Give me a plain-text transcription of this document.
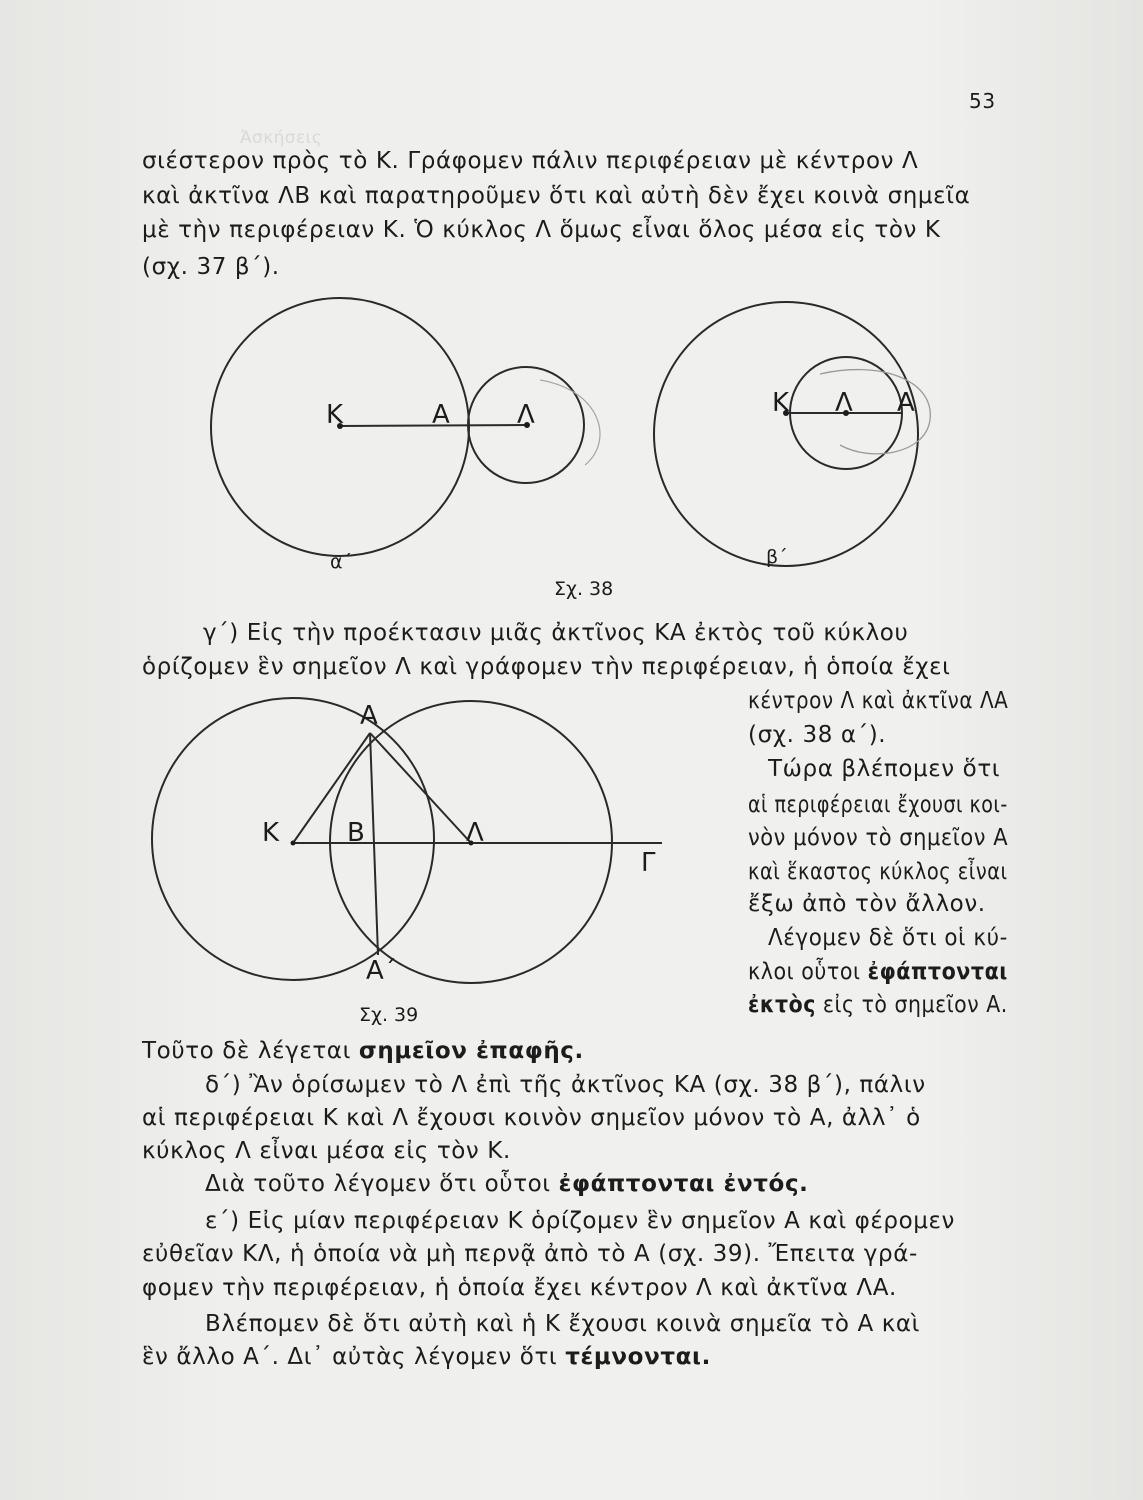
Ἀσκήσεις
53
σιέστερον πρὸς τὸ Κ. Γράφομεν πάλιν περιφέρειαν μὲ κέντρον Λ
καὶ ἀκτῖνα ΛΒ καὶ παρατηροῦμεν ὅτι καὶ αὐτὴ δὲν ἔχει κοινὰ σημεῖα
μὲ τὴν περιφέρειαν Κ. Ὁ κύκλος Λ ὅμως εἶναι ὅλος μέσα εἰς τὸν Κ
(σχ. 37 β΄).
Κ	Α	Λ
α΄
Κ Λ Α
β΄
Σχ. 38
γ΄) Εἰς τὴν προέκτασιν μιᾶς ἀκτῖνος ΚΑ ἐκτὸς τοῦ κύκλου
ὁρίζομεν ἓν σημεῖον Λ καὶ γράφομεν τὴν περιφέρειαν, ἡ ὁποία ἔχει
κέντρον Λ καὶ ἀκτῖνα ΛΑ
(σχ. 38 α΄).
Τώρα βλέπομεν ὅτι
αἱ περιφέρειαι ἔχουσι κοι-
νὸν μόνον τὸ σημεῖον Α
καὶ ἕκαστος κύκλος εἶναι
ἔξω ἀπὸ τὸν ἄλλον.
Λέγομεν δὲ ὅτι οἱ κύ-
κλοι οὗτοι ἐφάπτονται
ἐκτὸς εἰς τὸ σημεῖον Α.
Α
Κ	Β	Λ
Γ
Α΄
Σχ. 39
Τοῦτο δὲ λέγεται σημεῖον ἐπαφῆς.
δ΄) Ἂν ὁρίσωμεν τὸ Λ ἐπὶ τῆς ἀκτῖνος ΚΑ (σχ. 38 β΄), πάλιν
αἱ περιφέρειαι Κ καὶ Λ ἔχουσι κοινὸν σημεῖον μόνον τὸ Α, ἀλλ᾽ ὁ
κύκλος Λ εἶναι μέσα εἰς τὸν Κ.
Διὰ τοῦτο λέγομεν ὅτι οὗτοι ἐφάπτονται ἐντός.
ε΄) Εἰς μίαν περιφέρειαν Κ ὁρίζομεν ἓν σημεῖον Α καὶ φέρομεν
εὐθεῖαν ΚΛ, ἡ ὁποία νὰ μὴ περνᾷ ἀπὸ τὸ Α (σχ. 39). Ἔπειτα γρά-
φομεν τὴν περιφέρειαν, ἡ ὁποία ἔχει κέντρον Λ καὶ ἀκτῖνα ΛΑ.
Βλέπομεν δὲ ὅτι αὐτὴ καὶ ἡ Κ ἔχουσι κοινὰ σημεῖα τὸ Α καὶ
ἓν ἄλλο Α΄. Δι᾽ αὐτὰς λέγομεν ὅτι τέμνονται.
